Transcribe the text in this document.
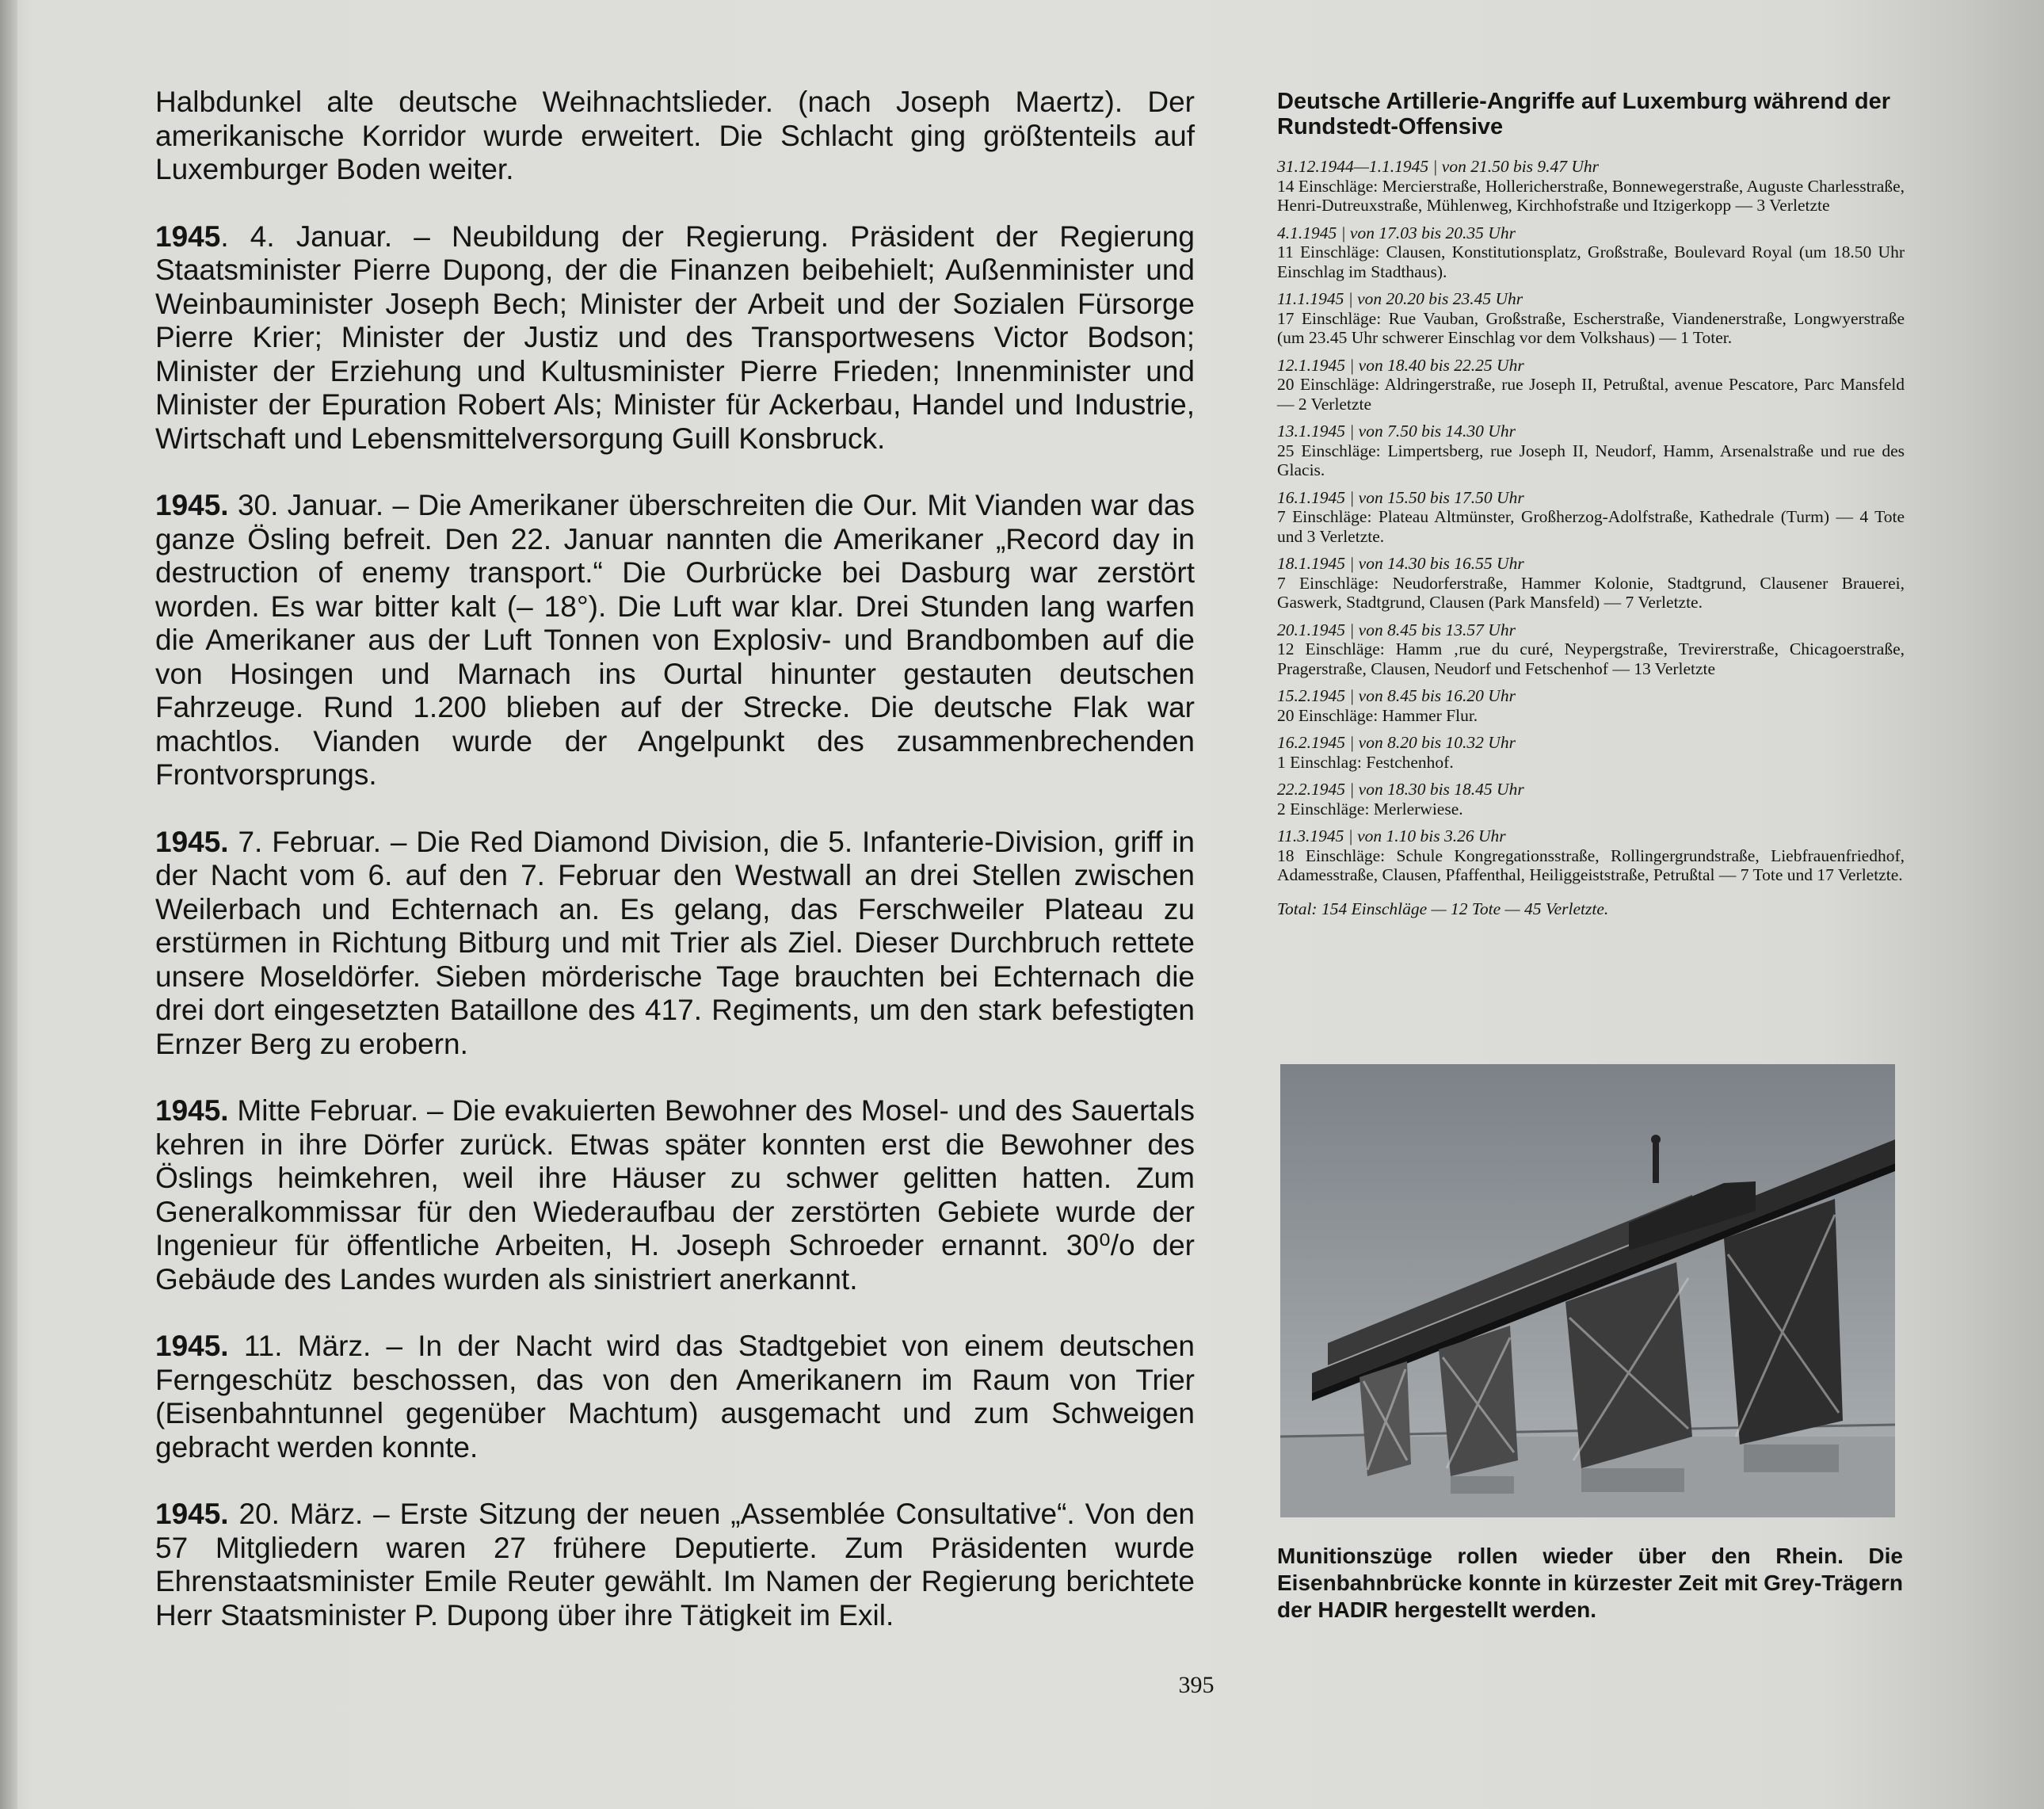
Halbdunkel alte deutsche Weihnachtslieder. (nach Joseph Maertz). Der amerikanische Korridor wurde erweitert. Die Schlacht ging größtenteils auf Luxemburger Boden weiter.

1945. 4. Januar. – Neubildung der Regierung. Präsident der Regierung Staatsminister Pierre Dupong, der die Finanzen beibehielt; Außenminister und Weinbauminister Joseph Bech; Minister der Arbeit und der Sozialen Fürsorge Pierre Krier; Minister der Justiz und des Transportwesens Victor Bodson; Minister der Erziehung und Kultusminister Pierre Frieden; Innenminister und Minister der Epuration Robert Als; Minister für Ackerbau, Handel und Industrie, Wirtschaft und Lebensmittelversorgung Guill Konsbruck.

1945. 30. Januar. – Die Amerikaner überschreiten die Our. Mit Vianden war das ganze Ösling befreit. Den 22. Januar nannten die Amerikaner „Record day in destruction of enemy transport.“ Die Ourbrücke bei Dasburg war zerstört worden. Es war bitter kalt (– 18°). Die Luft war klar. Drei Stunden lang warfen die Amerikaner aus der Luft Tonnen von Explosiv- und Brandbomben auf die von Hosingen und Marnach ins Ourtal hinunter gestauten deutschen Fahrzeuge. Rund 1.200 blieben auf der Strecke. Die deutsche Flak war machtlos. Vianden wurde der Angelpunkt des zusammenbrechenden Frontvorsprungs.

1945. 7. Februar. – Die Red Diamond Division, die 5. Infanterie-Division, griff in der Nacht vom 6. auf den 7. Februar den Westwall an drei Stellen zwischen Weilerbach und Echternach an. Es gelang, das Ferschweiler Plateau zu erstürmen in Richtung Bitburg und mit Trier als Ziel. Dieser Durchbruch rettete unsere Moseldörfer. Sieben mörderische Tage brauchten bei Echternach die drei dort eingesetzten Bataillone des 417. Regiments, um den stark befestigten Ernzer Berg zu erobern.

1945. Mitte Februar. – Die evakuierten Bewohner des Mosel- und des Sauertals kehren in ihre Dörfer zurück. Etwas später konnten erst die Bewohner des Öslings heimkehren, weil ihre Häuser zu schwer gelitten hatten. Zum Generalkommissar für den Wiederaufbau der zerstörten Gebiete wurde der Ingenieur für öffentliche Arbeiten, H. Joseph Schroeder ernannt. 30⁰/o der Gebäude des Landes wurden als sinistriert anerkannt.

1945. 11. März. – In der Nacht wird das Stadtgebiet von einem deutschen Ferngeschütz beschossen, das von den Amerikanern im Raum von Trier (Eisenbahntunnel gegenüber Machtum) ausgemacht und zum Schweigen gebracht werden konnte.

1945. 20. März. – Erste Sitzung der neuen „Assemblée Consultative“. Von den 57 Mitgliedern waren 27 frühere Deputierte. Zum Präsidenten wurde Ehrenstaatsminister Emile Reuter gewählt. Im Namen der Regierung berichtete Herr Staatsminister P. Dupong über ihre Tätigkeit im Exil.

Deutsche Artillerie-Angriffe auf Luxemburg während der Rundstedt-Offensive
31.12.1944—1.1.1945 | von 21.50 bis 9.47 Uhr
14 Einschläge: Mercierstraße, Hollericherstraße, Bonnewegerstraße, Auguste Charlesstraße, Henri-Dutreuxstraße, Mühlenweg, Kirchhofstraße und Itzigerkopp — 3 Verletzte
4.1.1945 | von 17.03 bis 20.35 Uhr
11 Einschläge: Clausen, Konstitutionsplatz, Großstraße, Boulevard Royal (um 18.50 Uhr Einschlag im Stadthaus).
11.1.1945 | von 20.20 bis 23.45 Uhr
17 Einschläge: Rue Vauban, Großstraße, Escherstraße, Viandenerstraße, Longwyerstraße (um 23.45 Uhr schwerer Einschlag vor dem Volkshaus) — 1 Toter.
12.1.1945 | von 18.40 bis 22.25 Uhr
20 Einschläge: Aldringerstraße, rue Joseph II, Petrußtal, avenue Pescatore, Parc Mansfeld — 2 Verletzte
13.1.1945 | von 7.50 bis 14.30 Uhr
25 Einschläge: Limpertsberg, rue Joseph II, Neudorf, Hamm, Arsenalstraße und rue des Glacis.
16.1.1945 | von 15.50 bis 17.50 Uhr
7 Einschläge: Plateau Altmünster, Großherzog-Adolfstraße, Kathedrale (Turm) — 4 Tote und 3 Verletzte.
18.1.1945 | von 14.30 bis 16.55 Uhr
7 Einschläge: Neudorferstraße, Hammer Kolonie, Stadtgrund, Clausener Brauerei, Gaswerk, Stadtgrund, Clausen (Park Mansfeld) — 7 Verletzte.
20.1.1945 | von 8.45 bis 13.57 Uhr
12 Einschläge: Hamm ‚rue du curé, Neypergstraße, Trevirerstraße, Chicagoerstraße, Pragerstraße, Clausen, Neudorf und Fetschenhof — 13 Verletzte
15.2.1945 | von 8.45 bis 16.20 Uhr
20 Einschläge: Hammer Flur.
16.2.1945 | von 8.20 bis 10.32 Uhr
1 Einschlag: Festchenhof.
22.2.1945 | von 18.30 bis 18.45 Uhr
2 Einschläge: Merlerwiese.
11.3.1945 | von 1.10 bis 3.26 Uhr
18 Einschläge: Schule Kongregationsstraße, Rollingergrundstraße, Liebfrauenfriedhof, Adamesstraße, Clausen, Pfaffenthal, Heiliggeiststraße, Petrußtal — 7 Tote und 17 Verletzte.
Total: 154 Einschläge — 12 Tote — 45 Verletzte.
Munitionszüge rollen wieder über den Rhein. Die Eisenbahnbrücke konnte in kürzester Zeit mit Grey-Trägern der HADIR hergestellt werden.
395
